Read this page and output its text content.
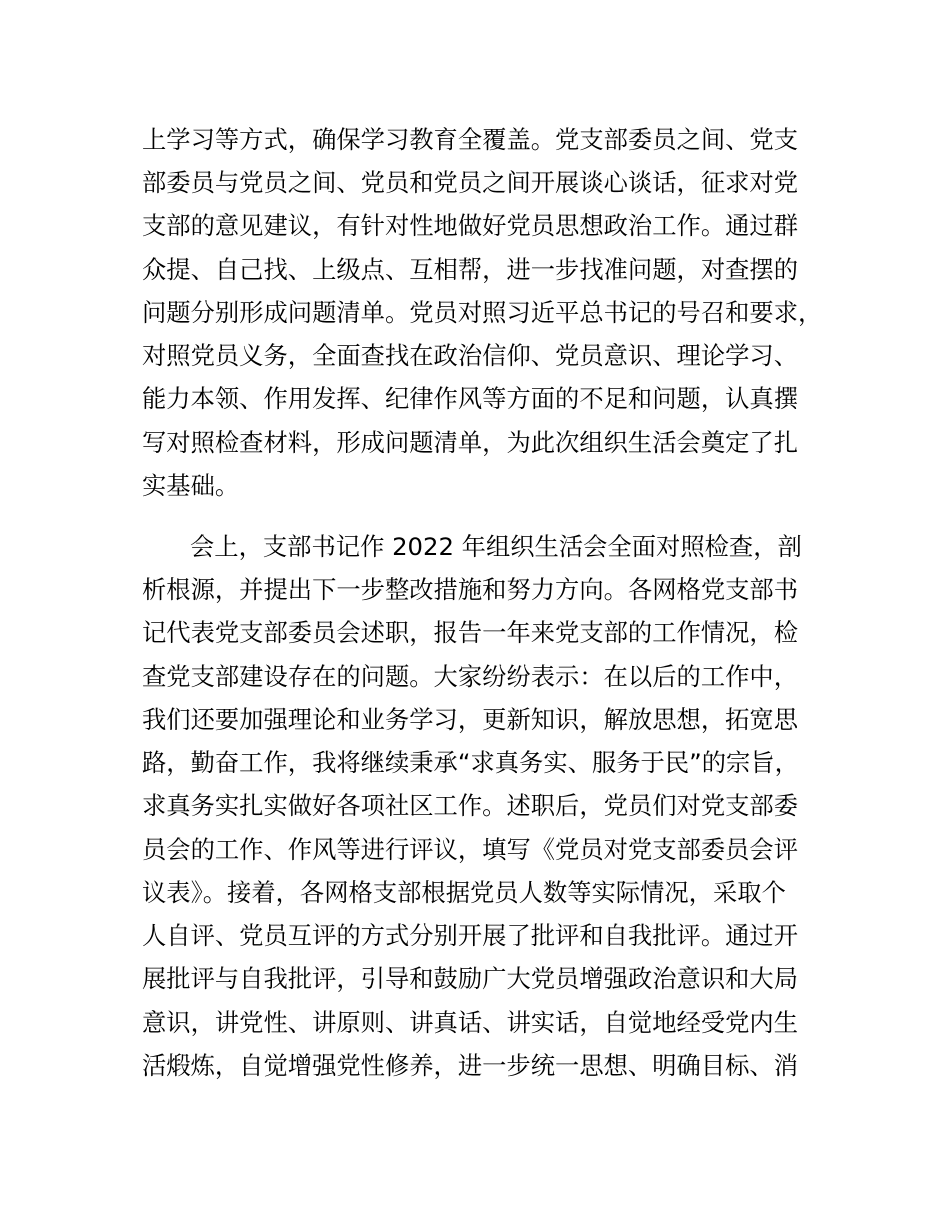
上学习等方式，确保学习教育全覆盖。党支部委员之间、党支
部委员与党员之间、党员和党员之间开展谈心谈话，征求对党
支部的意见建议，有针对性地做好党员思想政治工作。通过群
众提、自己找、上级点、互相帮，进一步找准问题，对查摆的
问题分别形成问题清单。党员对照习近平总书记的号召和要求，
对照党员义务，全面查找在政治信仰、党员意识、理论学习、
能力本领、作用发挥、纪律作风等方面的不足和问题，认真撰
写对照检查材料，形成问题清单，为此次组织生活会奠定了扎
实基础。
会上，支部书记作 2022 年组织生活会全面对照检查，剖
析根源，并提出下一步整改措施和努力方向。各网格党支部书
记代表党支部委员会述职，报告一年来党支部的工作情况，检
查党支部建设存在的问题。大家纷纷表示：在以后的工作中，
我们还要加强理论和业务学习，更新知识，解放思想，拓宽思
路，勤奋工作，我将继续秉承“求真务实、服务于民”的宗旨，
求真务实扎实做好各项社区工作。述职后，党员们对党支部委
员会的工作、作风等进行评议，填写《党员对党支部委员会评
议表》。接着，各网格支部根据党员人数等实际情况，采取个
人自评、党员互评的方式分别开展了批评和自我批评。通过开
展批评与自我批评，引导和鼓励广大党员增强政治意识和大局
意识，讲党性、讲原则、讲真话、讲实话，自觉地经受党内生
活煅炼，自觉增强党性修养，进一步统一思想、明确目标、消
